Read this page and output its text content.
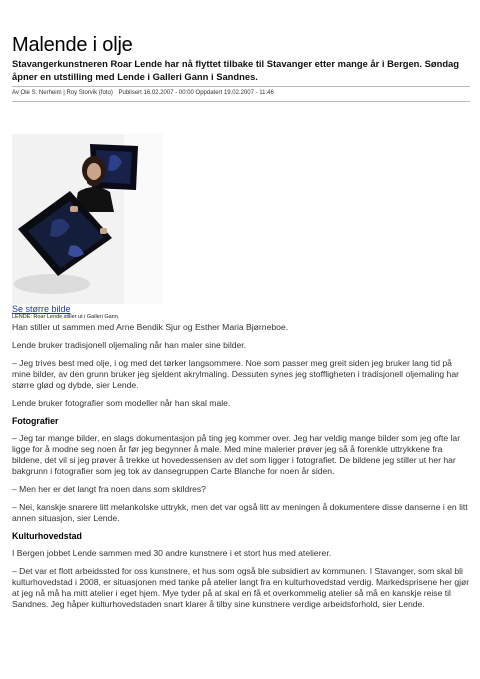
Malende i olje

Stavangerkunstneren Roar Lende har nå flyttet tilbake til Stavanger etter mange år i Bergen. Søndag åpner en utstilling med Lende i Galleri Gann i Sandnes.

Av Ole S. Nerheim | Roy Storvik (foto) Publisert 16.02.2007 - 00:00 Oppdatert 19.02.2007 - 11:46
Se større bilde
LENDE: Roar Lende stiller ut i Galleri Gann.

Han stiller ut sammen med Arne Bendik Sjur og Esther Maria Bjørneboe.

Lende bruker tradisjonell oljemaling når han maler sine bilder.

– Jeg trives best med olje, i og med det tørker langsommere. Noe som passer meg greit siden jeg bruker lang tid på mine bilder, av den grunn bruker jeg sjeldent akrylmaling. Dessuten synes jeg stoffligheten i tradisjonell oljemaling har større glød og dybde, sier Lende.

Lende bruker fotografier som modeller når han skal male.

Fotografier

– Jeg tar mange bilder, en slags dokumentasjon på ting jeg kommer over. Jeg har veldig mange bilder som jeg ofte lar ligge for å modne seg noen år før jeg begynner å male. Med mine malerier prøver jeg så å forenkle uttrykkene fra bildene, det vil si jeg prøver å trekke ut hovedessensen av det som ligger i fotografiet. De bildene jeg stiller ut her har bakgrunn i fotografier som jeg tok av dansegruppen Carte Blanche for noen år siden.

– Men her er det langt fra noen dans som skildres?

– Nei, kanskje snarere litt melankolske uttrykk, men det var også litt av meningen å dokumentere disse danserne i en litt annen situasjon, sier Lende.

Kulturhovedstad

I Bergen jobbet Lende sammen med 30 andre kunstnere i et stort hus med atelierer.

– Det var et flott arbeidssted for oss kunstnere, et hus som også ble subsidiert av kommunen. I Stavanger, som skal bli kulturhovedstad i 2008, er situasjonen med tanke på atelier langt fra en kulturhovedstad verdig. Markedsprisene her gjør at jeg nå må ha mitt atelier i eget hjem. Mye tyder på at skal en få et overkommelig atelier så må en kanskje reise til Sandnes. Jeg håper kulturhovedstaden snart klarer å tilby sine kunstnere verdige arbeidsforhold, sier Lende.
